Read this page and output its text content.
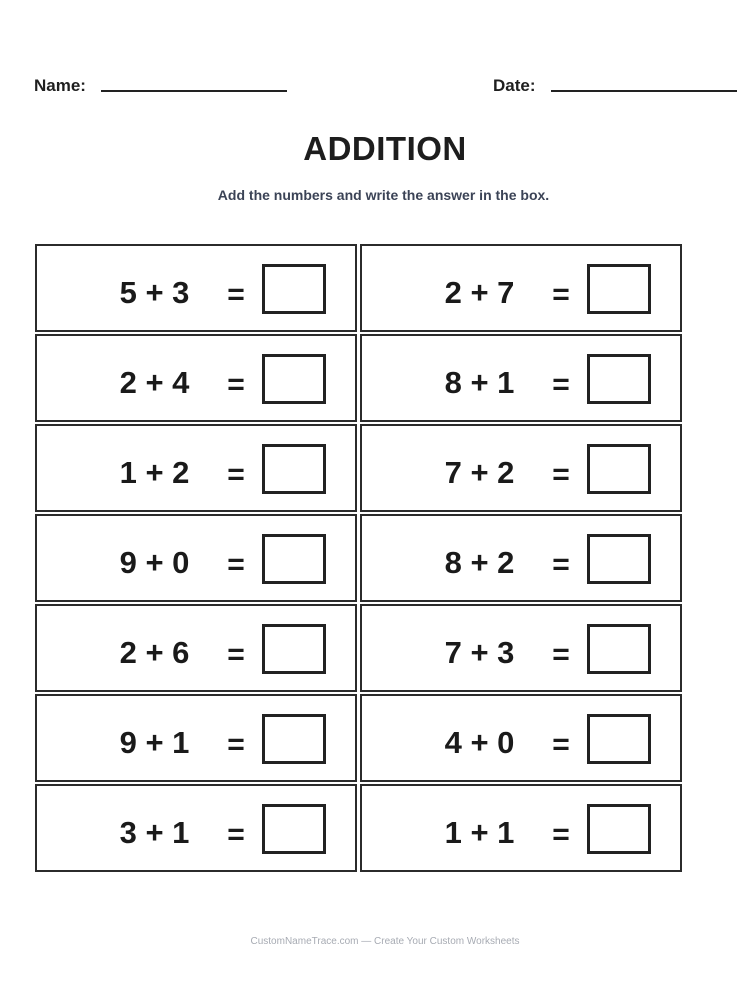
Name:	Date:
ADDITION
Add the numbers and write the answer in the box.
5 + 3	=	2 + 7	=
2 + 4	=	8 + 1	=
1 + 2	=	7 + 2	=
9 + 0	=	8 + 2	=
2 + 6	=	7 + 3	=
9 + 1	=	4 + 0	=
3 + 1	=	1 + 1	=
CustomNameTrace.com — Create Your Custom Worksheets
